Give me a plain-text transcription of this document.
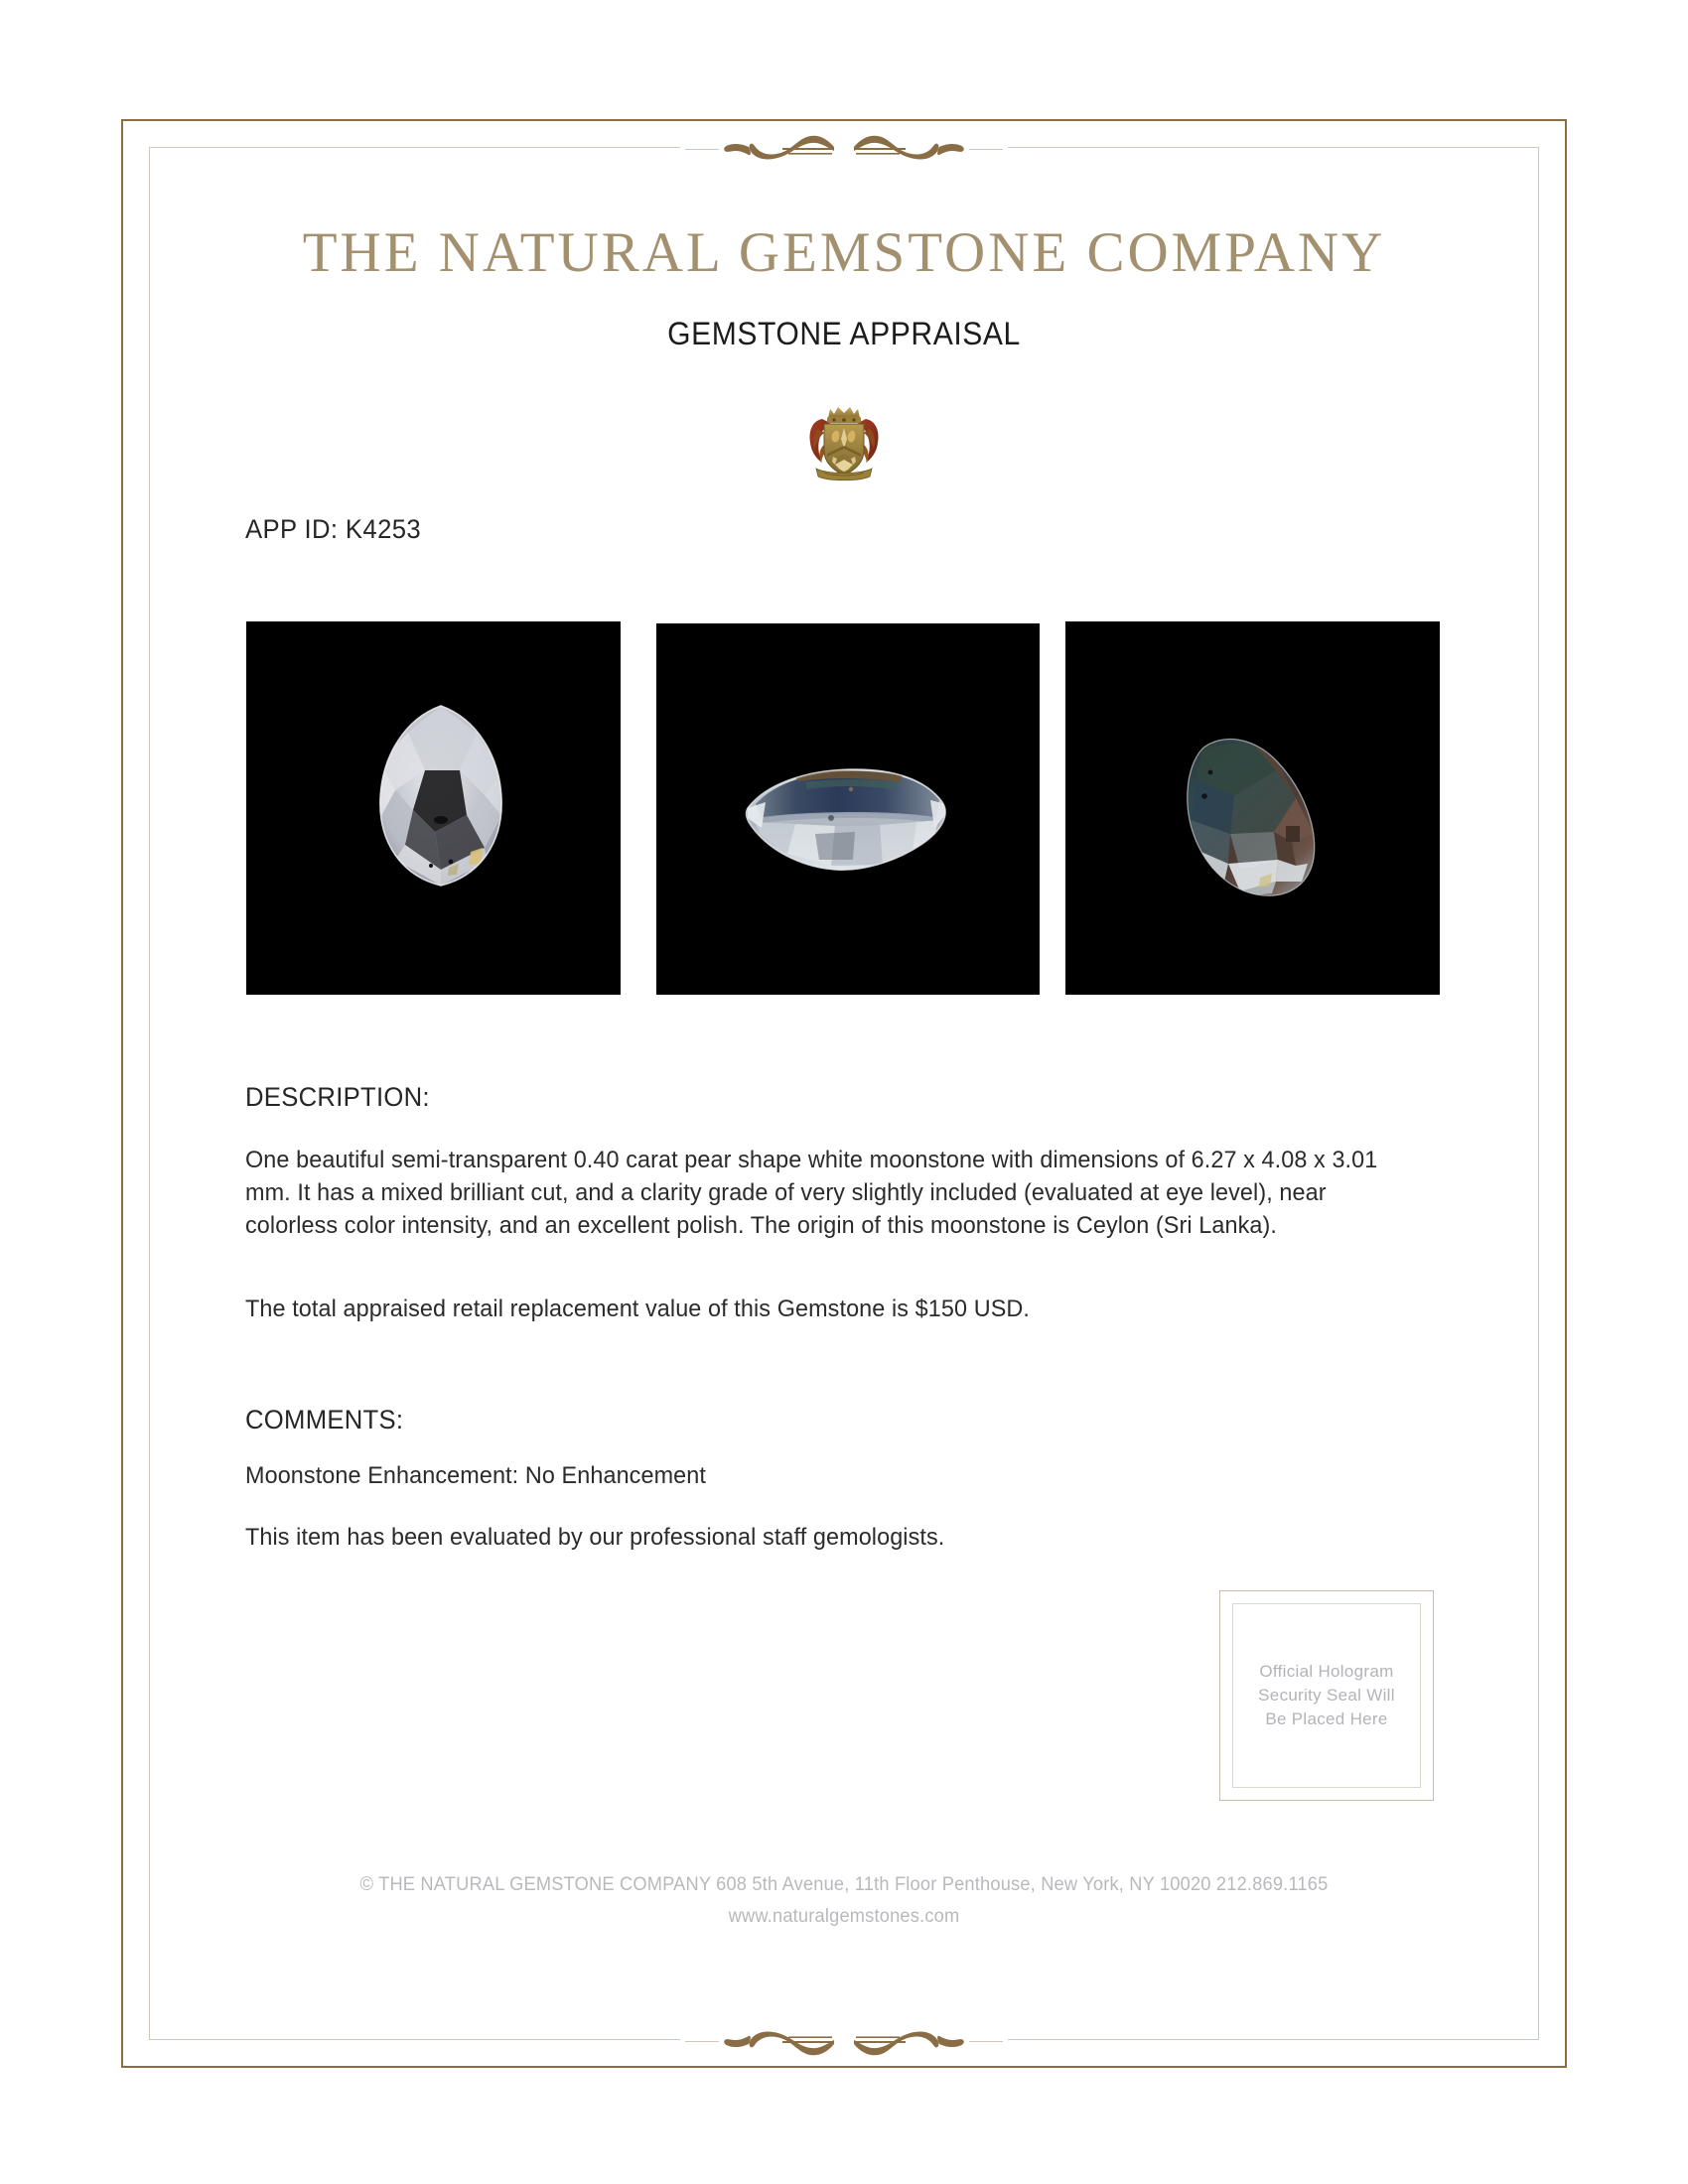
THE NATURAL GEMSTONE COMPANY
GEMSTONE APPRAISAL
APP ID: K4253
DESCRIPTION:
One beautiful semi-transparent 0.40 carat pear shape white moonstone with dimensions of 6.27 x 4.08 x 3.01 mm. It has a mixed brilliant cut, and a clarity grade of very slightly included (evaluated at eye level), near colorless color intensity, and an excellent polish. The origin of this moonstone is Ceylon (Sri Lanka).
The total appraised retail replacement value of this Gemstone is $150 USD.
COMMENTS:
Moonstone Enhancement: No Enhancement
This item has been evaluated by our professional staff gemologists.
Official Hologram
Security Seal Will
Be Placed Here
© THE NATURAL GEMSTONE COMPANY 608 5th Avenue, 11th Floor Penthouse, New York, NY 10020 212.869.1165
www.naturalgemstones.com
